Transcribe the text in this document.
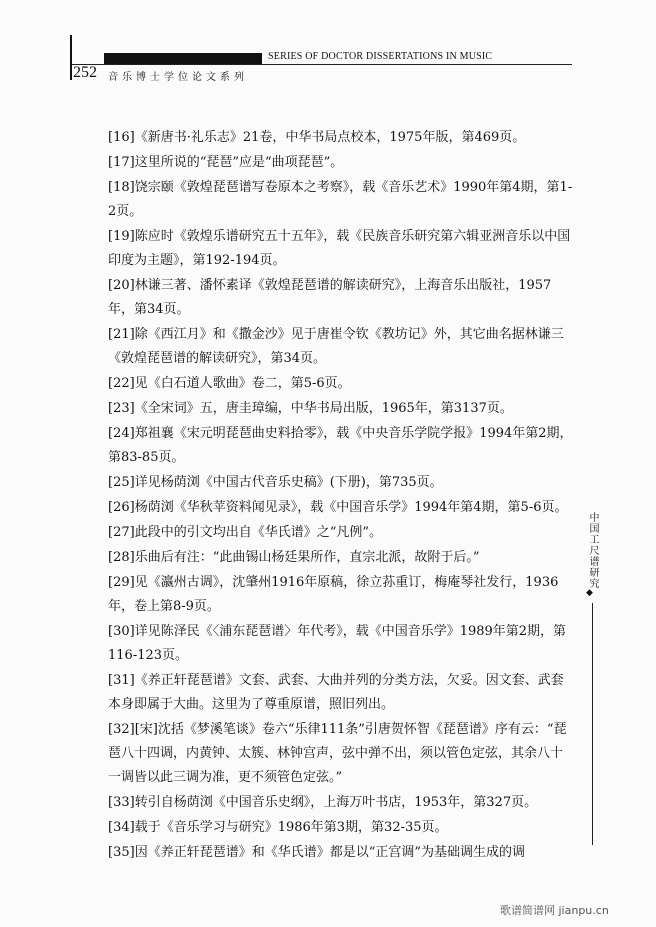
SERIES OF DOCTOR DISSERTATIONS IN MUSIC
252 音乐博士学位论文系列
[16]《新唐书·礼乐志》21卷，中华书局点校本，1975年版，第469页。
[17]这里所说的“琵琶”应是“曲项琵琶”。
[18]饶宗颐《敦煌琵琶谱写卷原本之考察》，载《音乐艺术》1990年第4期，第1-2页。
[19]陈应时《敦煌乐谱研究五十五年》，载《民族音乐研究第六辑亚洲音乐以中国印度为主题》，第192-194页。
[20]林谦三著、潘怀素译《敦煌琵琶谱的解读研究》，上海音乐出版社，1957年，第34页。
[21]除《西江月》和《撒金沙》见于唐崔令钦《教坊记》外，其它曲名据林谦三《敦煌琵琶谱的解读研究》，第34页。
[22]见《白石道人歌曲》卷二，第5-6页。
[23]《全宋词》五，唐圭璋编，中华书局出版，1965年，第3137页。
[24]郑祖襄《宋元明琵琶曲史料拾零》，载《中央音乐学院学报》1994年第2期，第83-85页。
[25]详见杨荫浏《中国古代音乐史稿》(下册)，第735页。
[26]杨荫浏《华秋苹资料闻见录》，载《中国音乐学》1994年第4期，第5-6页。
[27]此段中的引文均出自《华氏谱》之“凡例”。
[28]乐曲后有注：“此曲锡山杨廷果所作，直宗北派，故附于后。”
[29]见《瀛州古调》，沈肇州1916年原稿，徐立荪重订，梅庵琴社发行，1936年，卷上第8-9页。
[30]详见陈泽民《〈浦东琵琶谱〉年代考》，载《中国音乐学》1989年第2期，第116-123页。
[31]《养正轩琵琶谱》文套、武套、大曲并列的分类方法，欠妥。因文套、武套本身即属于大曲。这里为了尊重原谱，照旧列出。
[32][宋]沈括《梦溪笔谈》卷六“乐律111条”引唐贺怀智《琵琶谱》序有云：“琵琶八十四调，内黄钟、太簇、林钟宫声，弦中弹不出，须以管色定弦，其余八十一调皆以此三调为准，更不须管色定弦。”
[33]转引自杨荫浏《中国音乐史纲》，上海万叶书店，1953年，第327页。
[34]载于《音乐学习与研究》1986年第3期，第32-35页。
[35]因《养正轩琵琶谱》和《华氏谱》都是以“正宫调”为基础调生成的调
中国工尺谱研究
◆
歌谱简谱网 jianpu.cn
